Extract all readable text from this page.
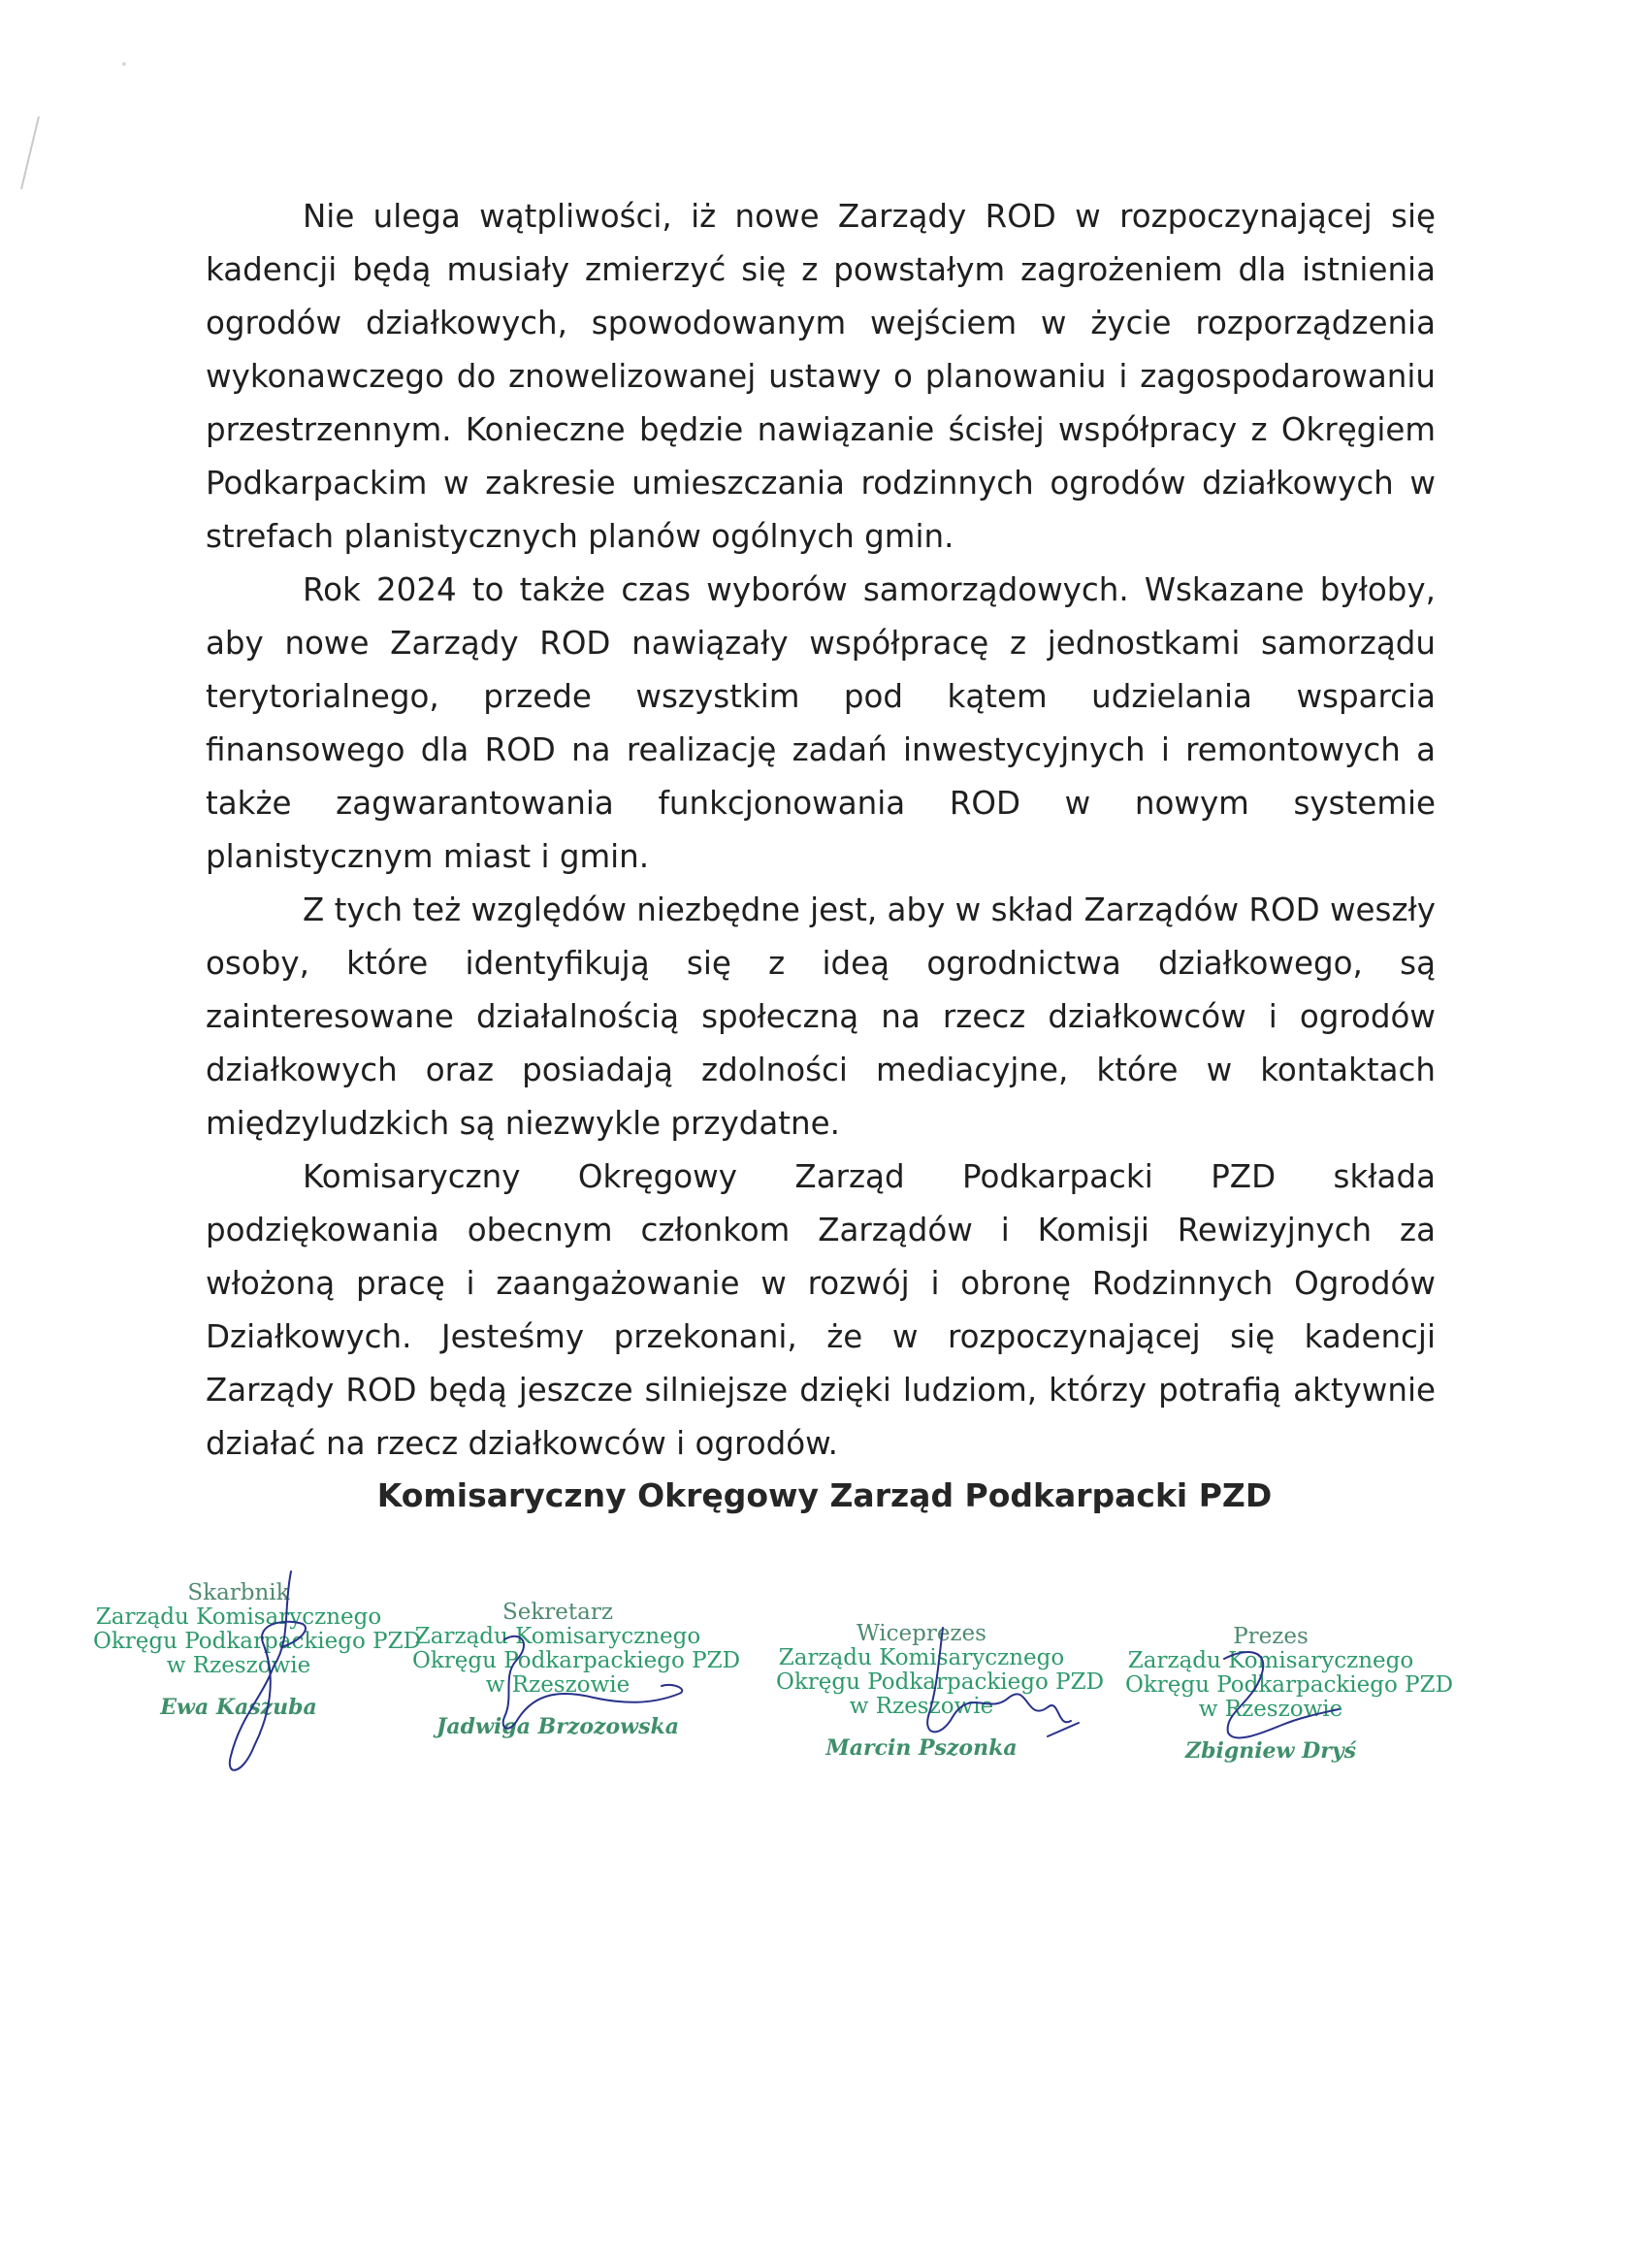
Nie ulega wątpliwości, iż nowe Zarządy ROD w rozpoczynającej się kadencji będą musiały zmierzyć się z powstałym zagrożeniem dla istnienia ogrodów działkowych, spowodowanym wejściem w życie rozporządzenia wykonawczego do znowelizowanej ustawy o planowaniu i zagospodarowaniu przestrzennym. Konieczne będzie nawiązanie ścisłej współpracy z Okręgiem Podkarpackim w zakresie umieszczania rodzinnych ogrodów działkowych w strefach planistycznych planów ogólnych gmin.

Rok 2024 to także czas wyborów samorządowych. Wskazane byłoby, aby nowe Zarządy ROD nawiązały współpracę z jednostkami samorządu terytorialnego, przede wszystkim pod kątem udzielania wsparcia finansowego dla ROD na realizację zadań inwestycyjnych i remontowych a także zagwarantowania funkcjonowania ROD w nowym systemie planistycznym miast i gmin.

Z tych też względów niezbędne jest, aby w skład Zarządów ROD weszły osoby, które identyfikują się z ideą ogrodnictwa działkowego, są zainteresowane działalnością społeczną na rzecz działkowców i ogrodów działkowych oraz posiadają zdolności mediacyjne, które w kontaktach międzyludzkich są niezwykle przydatne.

Komisaryczny Okręgowy Zarząd Podkarpacki PZD składa podziękowania obecnym członkom Zarządów i Komisji Rewizyjnych za włożoną pracę i zaangażowanie w rozwój i obronę Rodzinnych Ogrodów Działkowych. Jesteśmy przekonani, że w rozpoczynającej się kadencji Zarządy ROD będą jeszcze silniejsze dzięki ludziom, którzy potrafią aktywnie działać na rzecz działkowców i ogrodów.

Komisaryczny Okręgowy Zarząd Podkarpacki PZD
Skarbnik
Zarządu Komisarycznego
Okręgu Podkarpackiego PZD
w Rzeszowie
Ewa Kaszuba
Sekretarz
Zarządu Komisarycznego
Okręgu Podkarpackiego PZD
w Rzeszowie
Jadwiga Brzozowska
Wiceprezes
Zarządu Komisarycznego
Okręgu Podkarpackiego PZD
w Rzeszowie
Marcin Pszonka
Prezes
Zarządu Komisarycznego
Okręgu Podkarpackiego PZD
w Rzeszowie
Zbigniew Dryś
